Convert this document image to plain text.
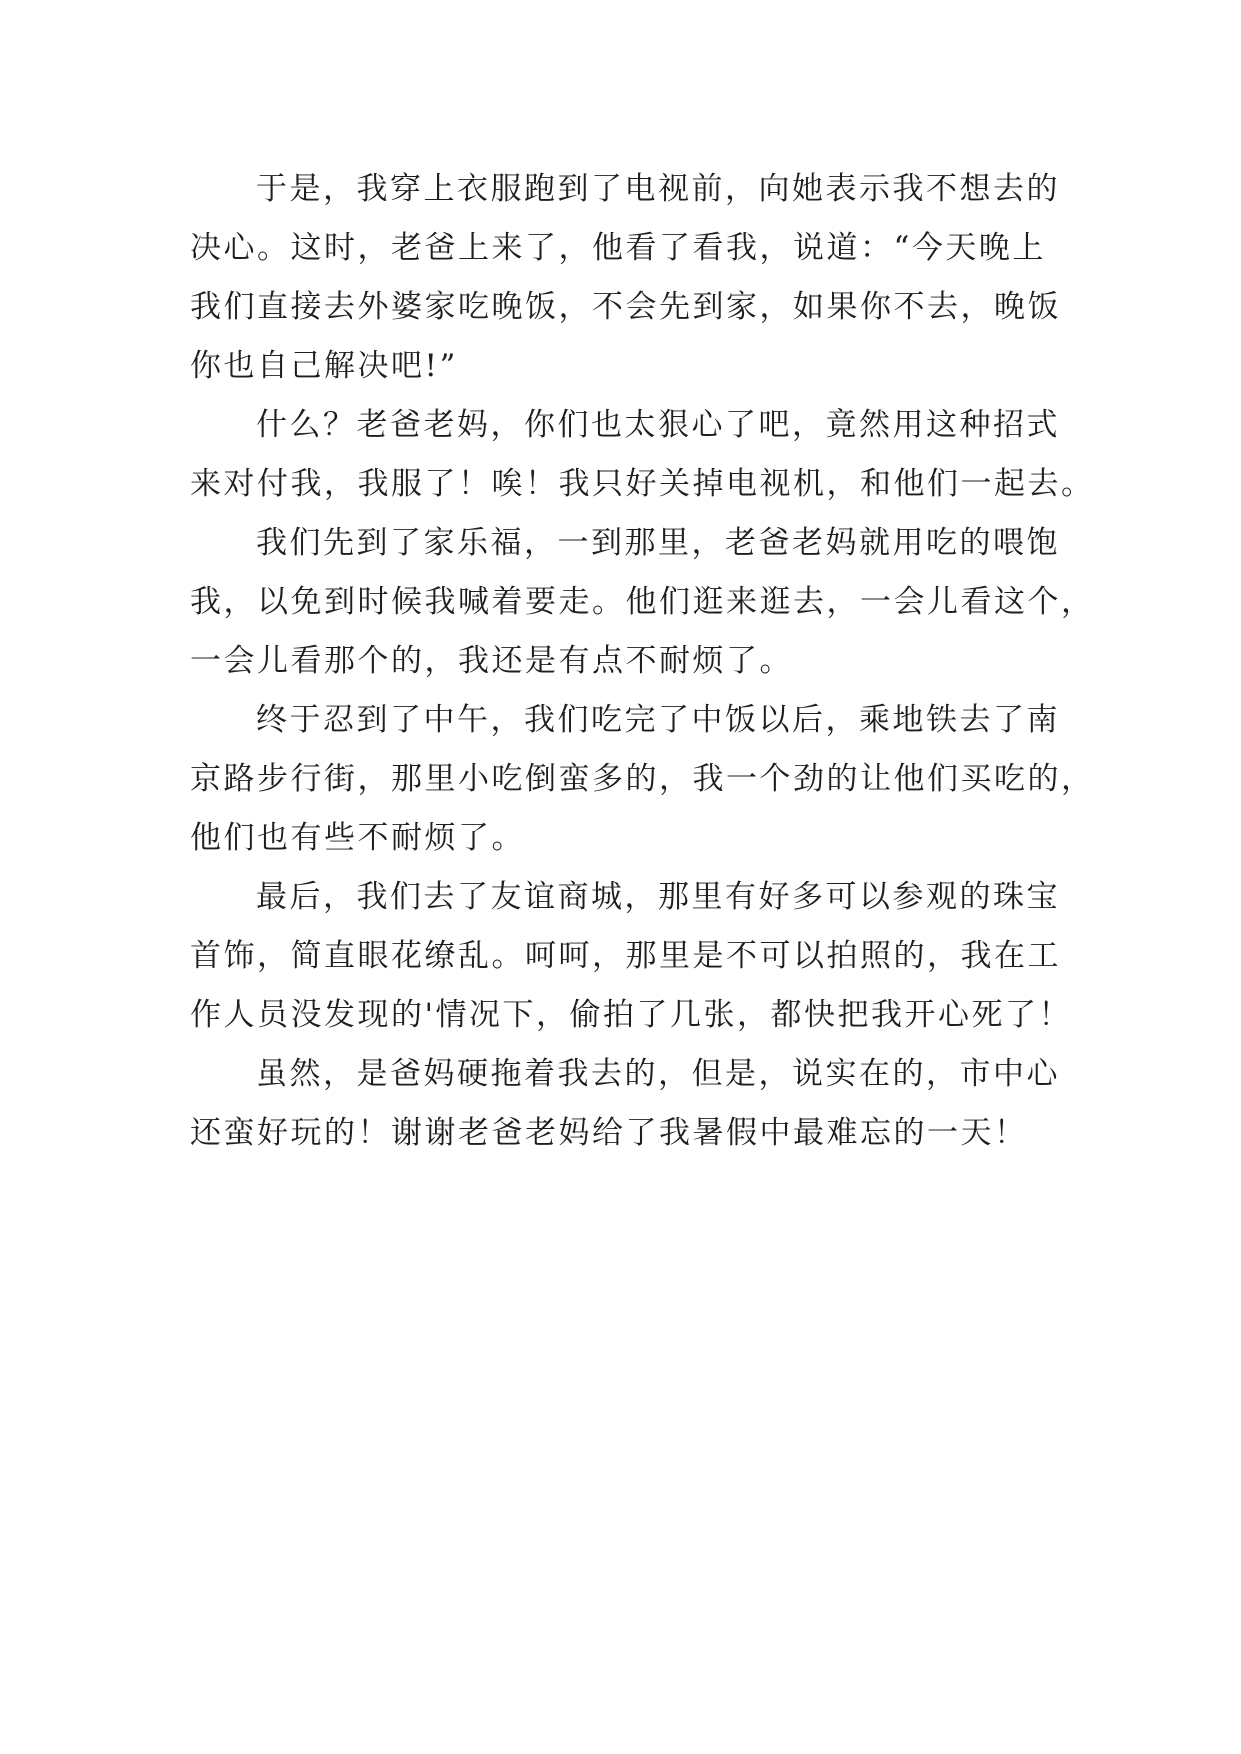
于是，我穿上衣服跑到了电视前，向她表示我不想去的
决心。这时，老爸上来了，他看了看我，说道：“今天晚上
我们直接去外婆家吃晚饭，不会先到家，如果你不去，晚饭
你也自己解决吧!”

什么？老爸老妈，你们也太狠心了吧，竟然用这种招式
来对付我，我服了！唉！我只好关掉电视机，和他们一起去。

我们先到了家乐福，一到那里，老爸老妈就用吃的喂饱
我，以免到时候我喊着要走。他们逛来逛去，一会儿看这个，
一会儿看那个的，我还是有点不耐烦了。

终于忍到了中午，我们吃完了中饭以后，乘地铁去了南
京路步行街，那里小吃倒蛮多的，我一个劲的让他们买吃的，
他们也有些不耐烦了。

最后，我们去了友谊商城，那里有好多可以参观的珠宝
首饰，简直眼花缭乱。呵呵，那里是不可以拍照的，我在工
作人员没发现的'情况下，偷拍了几张，都快把我开心死了！

虽然，是爸妈硬拖着我去的，但是，说实在的，市中心
还蛮好玩的！谢谢老爸老妈给了我暑假中最难忘的一天！
